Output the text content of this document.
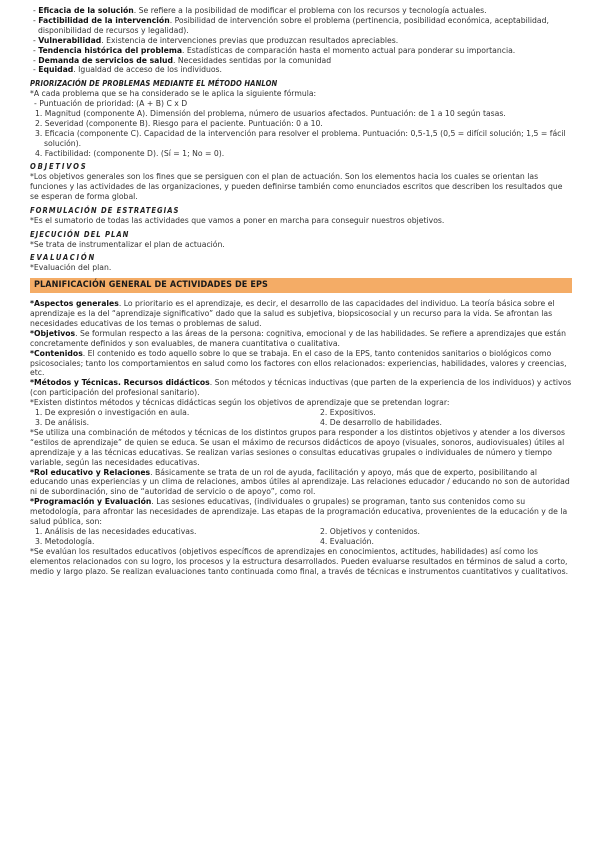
- Eficacia de la solución. Se refiere a la posibilidad de modificar el problema con los recursos y tecnología actuales.

- Factibilidad de la intervención. Posibilidad de intervención sobre el problema (pertinencia, posibilidad económica, aceptabilidad, disponibilidad de recursos y legalidad).

- Vulnerabilidad. Existencia de intervenciones previas que produzcan resultados apreciables.

- Tendencia histórica del problema. Estadísticas de comparación hasta el momento actual para ponderar su importancia.

- Demanda de servicios de salud. Necesidades sentidas por la comunidad

- Equidad. Igualdad de acceso de los individuos.

PRIORIZACIÓN DE PROBLEMAS MEDIANTE EL MÉTODO HANLON

*A cada problema que se ha considerado se le aplica la siguiente fórmula:

- Puntuación de prioridad: (A + B) C x D

1. Magnitud (componente A). Dimensión del problema, número de usuarios afectados. Puntuación: de 1 a 10 según tasas.

2. Severidad (componente B). Riesgo para el paciente. Puntuación: 0 a 10.

3. Eficacia (componente C). Capacidad de la intervención para resolver el problema. Puntuación: 0,5-1,5 (0,5 = difícil solución; 1,5 = fácil solución).

4. Factibilidad: (componente D). (Sí = 1; No = 0).

OBJETIVOS

*Los objetivos generales son los fines que se persiguen con el plan de actuación. Son los elementos hacia los cuales se orientan las funciones y las actividades de las organizaciones, y pueden definirse también como enunciados escritos que describen los resultados que se esperan de forma global.

FORMULACIÓN DE ESTRATEGIAS

*Es el sumatorio de todas las actividades que vamos a poner en marcha para conseguir nuestros objetivos.

EJECUCIÓN DEL PLAN

*Se trata de instrumentalizar el plan de actuación.

EVALUACIÓN

*Evaluación del plan.

PLANIFICACIÓN GENERAL DE ACTIVIDADES DE EPS

*Aspectos generales. Lo prioritario es el aprendizaje, es decir, el desarrollo de las capacidades del individuo. La teoría básica sobre el aprendizaje es la del “aprendizaje significativo” dado que la salud es subjetiva, biopsicosocial y un recurso para la vida. Se afrontan las necesidades educativas de los temas o problemas de salud.

*Objetivos. Se formulan respecto a las áreas de la persona: cognitiva, emocional y de las habilidades. Se refiere a aprendizajes que están concretamente definidos y son evaluables, de manera cuantitativa o cualitativa.

*Contenidos. El contenido es todo aquello sobre lo que se trabaja. En el caso de la EPS, tanto contenidos sanitarios o biológicos como psicosociales; tanto los comportamientos en salud como los factores con ellos relacionados: experiencias, habilidades, valores y creencias, etc.

*Métodos y Técnicas. Recursos didácticos. Son métodos y técnicas inductivas (que parten de la experiencia de los individuos) y activos (con participación del profesional sanitario).

*Existen distintos métodos y técnicas didácticas según los objetivos de aprendizaje que se pretendan lograr:

1. De expresión o investigación en aula.

3. De análisis.

2. Expositivos.

4. De desarrollo de habilidades.

*Se utiliza una combinación de métodos y técnicas de los distintos grupos para responder a los distintos objetivos y atender a los diversos “estilos de aprendizaje” de quien se educa. Se usan el máximo de recursos didácticos de apoyo (visuales, sonoros, audiovisuales) útiles al aprendizaje y a las técnicas educativas. Se realizan varias sesiones o consultas educativas grupales o individuales de número y tiempo variable, según las necesidades educativas.

*Rol educativo y Relaciones. Básicamente se trata de un rol de ayuda, facilitación y apoyo, más que de experto, posibilitando al educando unas experiencias y un clima de relaciones, ambos útiles al aprendizaje. Las relaciones educador / educando no son de autoridad ni de subordinación, sino de “autoridad de servicio o de apoyo”, como rol.

*Programación y Evaluación. Las sesiones educativas, (individuales o grupales) se programan, tanto sus contenidos como su metodología, para afrontar las necesidades de aprendizaje. Las etapas de la programación educativa, provenientes de la educación y de la salud pública, son:

1. Análisis de las necesidades educativas.

3. Metodología.

2. Objetivos y contenidos.

4. Evaluación.

*Se evalúan los resultados educativos (objetivos específicos de aprendizajes en conocimientos, actitudes, habilidades) así como los elementos relacionados con su logro, los procesos y la estructura desarrollados. Pueden evaluarse resultados en términos de salud a corto, medio y largo plazo. Se realizan evaluaciones tanto continuada como final, a través de técnicas e instrumentos cuantitativos y cualitativos.
